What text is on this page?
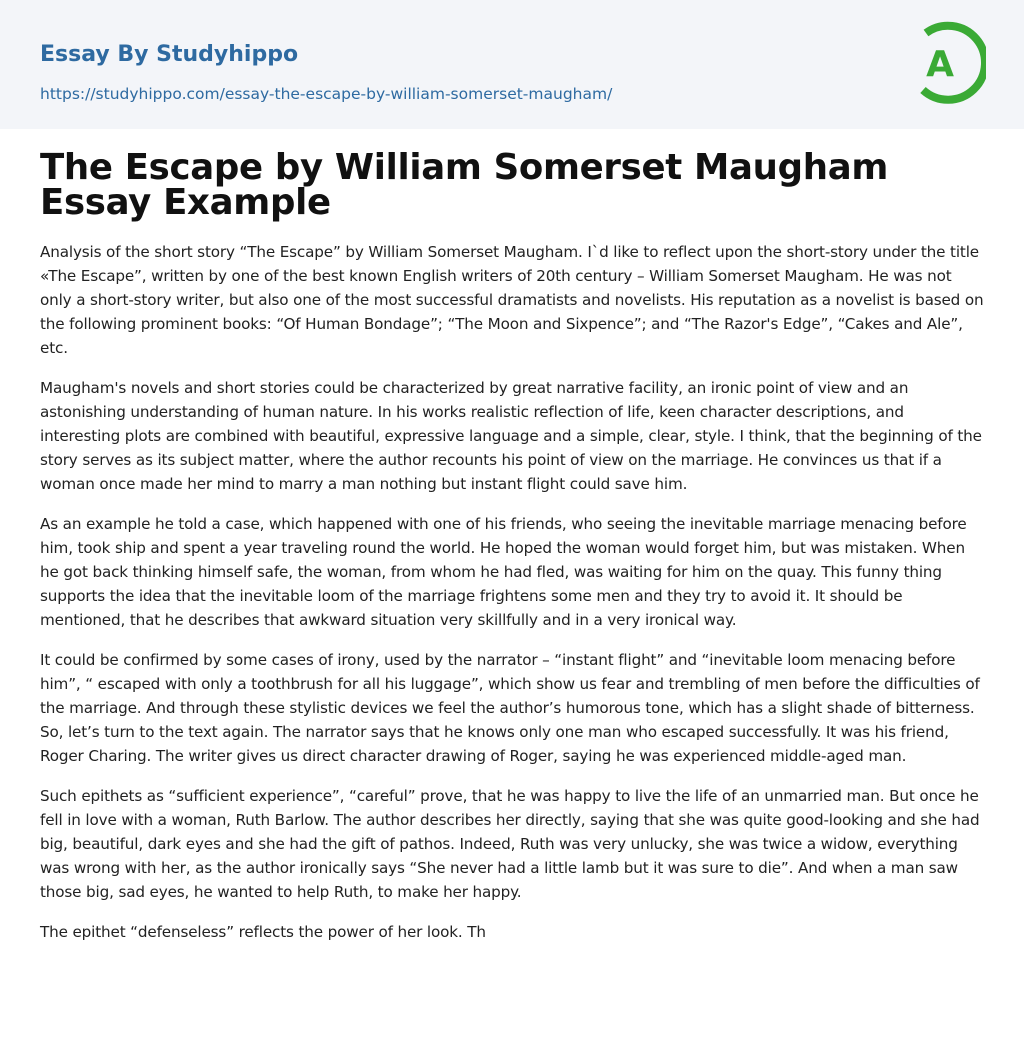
Essay By Studyhippo
https://studyhippo.com/essay-the-escape-by-william-somerset-maugham/
A
The Escape by William Somerset Maugham Essay Example

Analysis of the short story “The Escape” by William Somerset Maugham. I`d like to reflect upon the short-story under the title «The Escape”, written by one of the best known English writers of 20th century – William Somerset Maugham. He was not only a short-story writer, but also one of the most successful dramatists and novelists. His reputation as a novelist is based on the following prominent books: “Of Human Bondage”; “The Moon and Sixpence”; and “The Razor's Edge”, “Cakes and Ale”, etc.

Maugham's novels and short stories could be characterized by great narrative facility, an ironic point of view and an astonishing understanding of human nature. In his works realistic reflection of life, keen character descriptions, and interesting plots are combined with beautiful, expressive language and a simple, clear, style. I think, that the beginning of the story serves as its subject matter, where the author recounts his point of view on the marriage. He convinces us that if a woman once made her mind to marry a man nothing but instant flight could save him.

As an example he told a case, which happened with one of his friends, who seeing the inevitable marriage menacing before him, took ship and spent a year traveling round the world. He hoped the woman would forget him, but was mistaken. When he got back thinking himself safe, the woman, from whom he had fled, was waiting for him on the quay. This funny thing supports the idea that the inevitable loom of the marriage frightens some men and they try to avoid it. It should be mentioned, that he describes that awkward situation very skillfully and in a very ironical way.

It could be confirmed by some cases of irony, used by the narrator – “instant flight” and “inevitable loom menacing before him”, “ escaped with only a toothbrush for all his luggage”, which show us fear and trembling of men before the difficulties of the marriage. And through these stylistic devices we feel the author’s humorous tone, which has a slight shade of bitterness. So, let’s turn to the text again. The narrator says that he knows only one man who escaped successfully. It was his friend, Roger Charing. The writer gives us direct character drawing of Roger, saying he was experienced middle-aged man.

Such epithets as “sufficient experience”, “careful” prove, that he was happy to live the life of an unmarried man. But once he fell in love with a woman, Ruth Barlow. The author describes her directly, saying that she was quite good-looking and she had big, beautiful, dark eyes and she had the gift of pathos. Indeed, Ruth was very unlucky, she was twice a widow, everything was wrong with her, as the author ironically says “She never had a little lamb but it was sure to die”. And when a man saw those big, sad eyes, he wanted to help Ruth, to make her happy.

The epithet “defenseless” reflects the power of her look. Th
